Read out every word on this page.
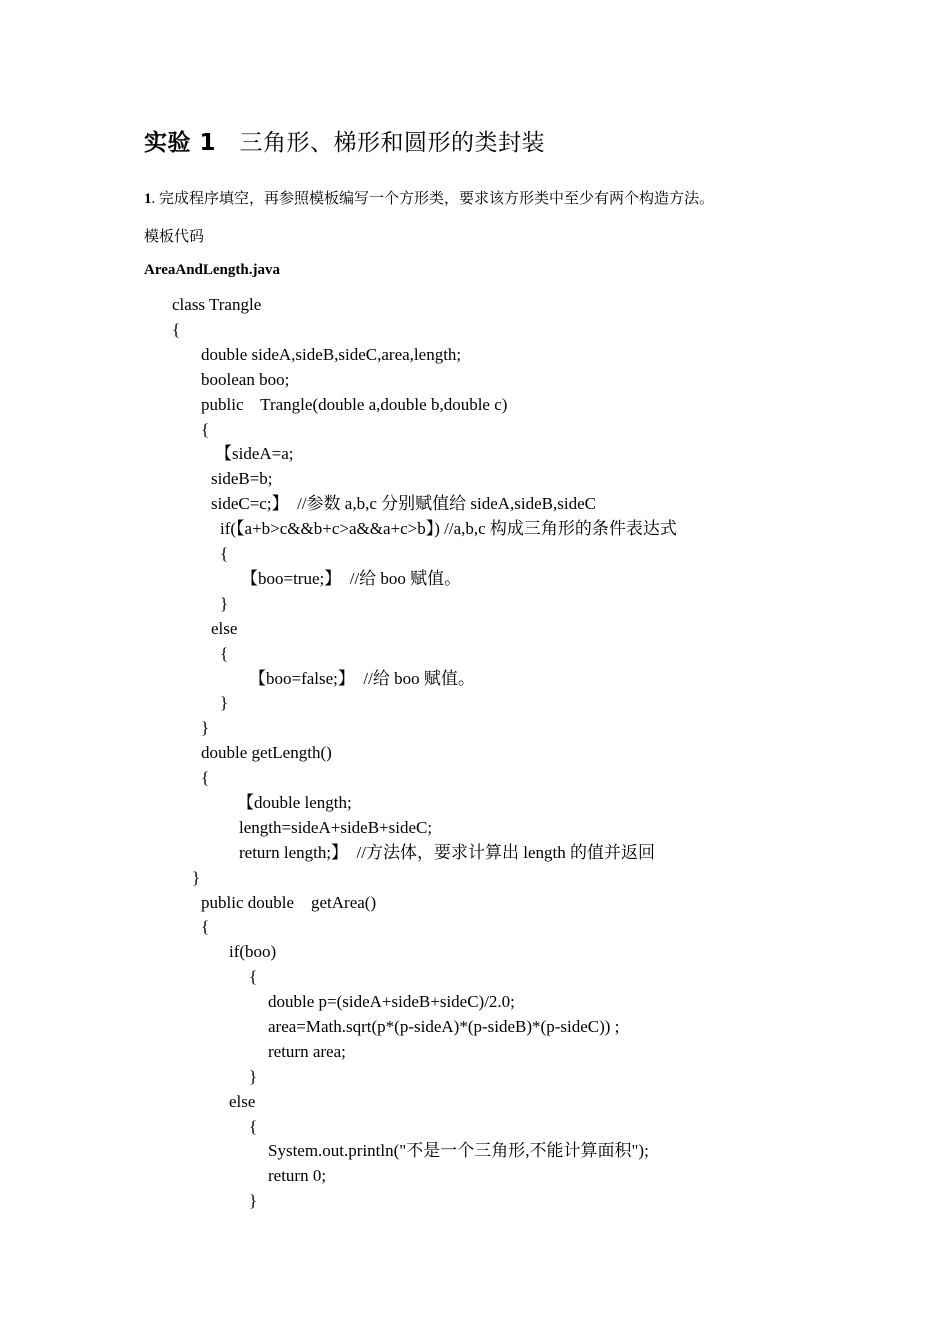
实验 1 三角形、梯形和圆形的类封装
1. 完成程序填空，再参照模板编写一个方形类，要求该方形类中至少有两个构造方法。
模板代码
AreaAndLength.java
class Trangle
{
double sideA,sideB,sideC,area,length;
boolean boo;
public    Trangle(double a,double b,double c)
{
【sideA=a;
sideB=b;
sideC=c;】  //参数 a,b,c 分别赋值给 sideA,sideB,sideC
if(【a+b>c&&b+c>a&&a+c>b】) //a,b,c 构成三角形的条件表达式
{
【boo=true;】  //给 boo 赋值。
}
else
{
【boo=false;】  //给 boo 赋值。
}
}
double getLength()
{
【double length;
length=sideA+sideB+sideC;
return length;】  //方法体，要求计算出 length 的值并返回
}
public double    getArea()
{
if(boo)
{
double p=(sideA+sideB+sideC)/2.0;
area=Math.sqrt(p*(p-sideA)*(p-sideB)*(p-sideC)) ;
return area;
}
else
{
System.out.println("不是一个三角形,不能计算面积");
return 0;
}
